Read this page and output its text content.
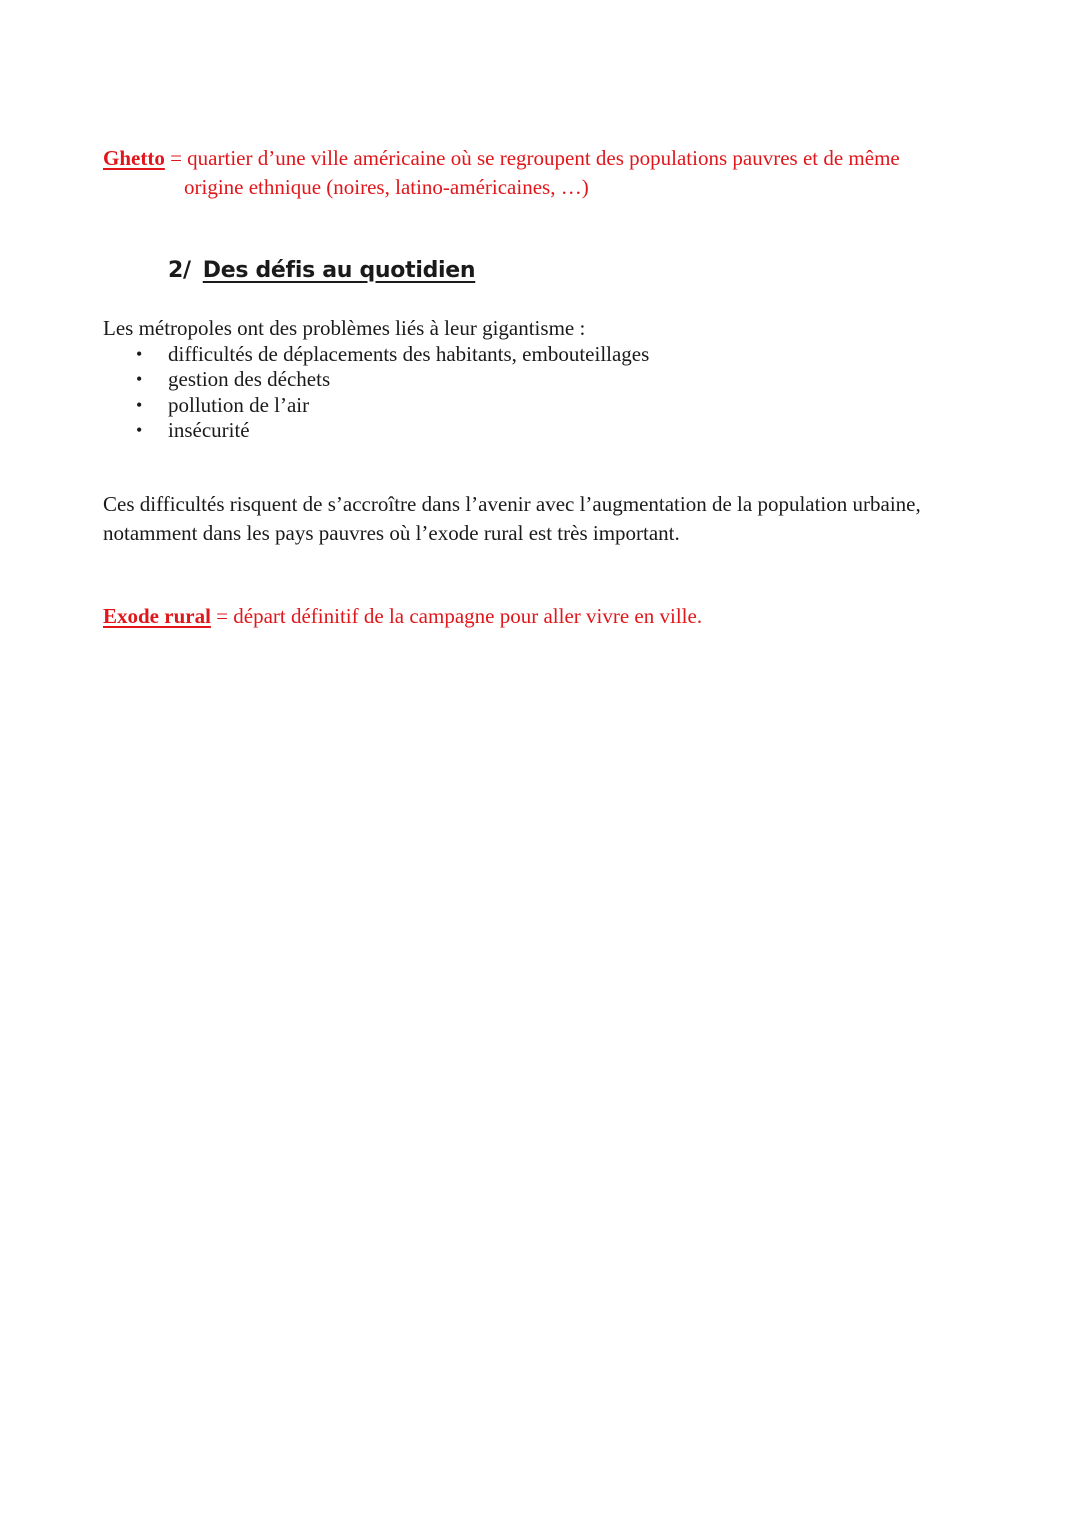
Ghetto = quartier d’une ville américaine où se regroupent des populations pauvres et de même
origine ethnique (noires, latino-américaines, …)
2/ Des défis au quotidien
Les métropoles ont des problèmes liés à leur gigantisme :
• difficultés de déplacements des habitants, embouteillages
• gestion des déchets
• pollution de l’air
• insécurité
Ces difficultés risquent de s’accroître dans l’avenir avec l’augmentation de la population urbaine, notamment dans les pays pauvres où l’exode rural est très important.
Exode rural = départ définitif de la campagne pour aller vivre en ville.
